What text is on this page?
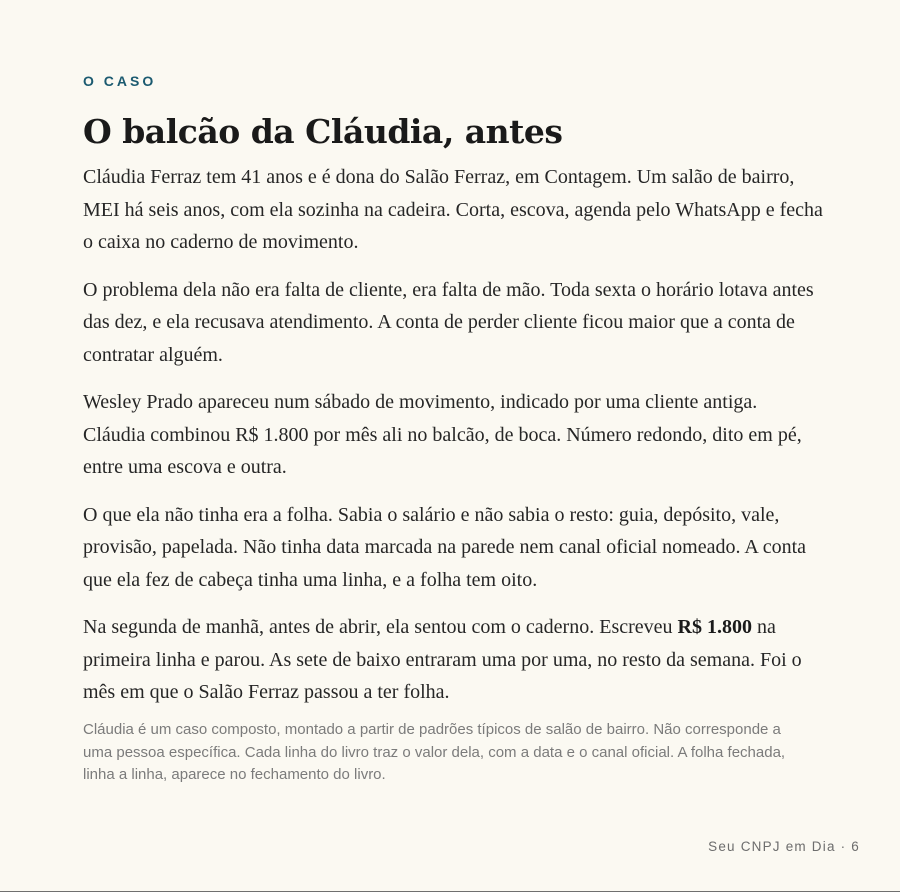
O CASO

O balcão da Cláudia, antes

Cláudia Ferraz tem 41 anos e é dona do Salão Ferraz, em Contagem. Um salão de bairro, MEI há seis anos, com ela sozinha na cadeira. Corta, escova, agenda pelo WhatsApp e fecha o caixa no caderno de movimento.

O problema dela não era falta de cliente, era falta de mão. Toda sexta o horário lotava antes das dez, e ela recusava atendimento. A conta de perder cliente ficou maior que a conta de contratar alguém.

Wesley Prado apareceu num sábado de movimento, indicado por uma cliente antiga. Cláudia combinou R$ 1.800 por mês ali no balcão, de boca. Número redondo, dito em pé, entre uma escova e outra.

O que ela não tinha era a folha. Sabia o salário e não sabia o resto: guia, depósito, vale, provisão, papelada. Não tinha data marcada na parede nem canal oficial nomeado. A conta que ela fez de cabeça tinha uma linha, e a folha tem oito.

Na segunda de manhã, antes de abrir, ela sentou com o caderno. Escreveu R$ 1.800 na primeira linha e parou. As sete de baixo entraram uma por uma, no resto da semana. Foi o mês em que o Salão Ferraz passou a ter folha.

Cláudia é um caso composto, montado a partir de padrões típicos de salão de bairro. Não corresponde a uma pessoa específica. Cada linha do livro traz o valor dela, com a data e o canal oficial. A folha fechada, linha a linha, aparece no fechamento do livro.

Seu CNPJ em Dia · 6
